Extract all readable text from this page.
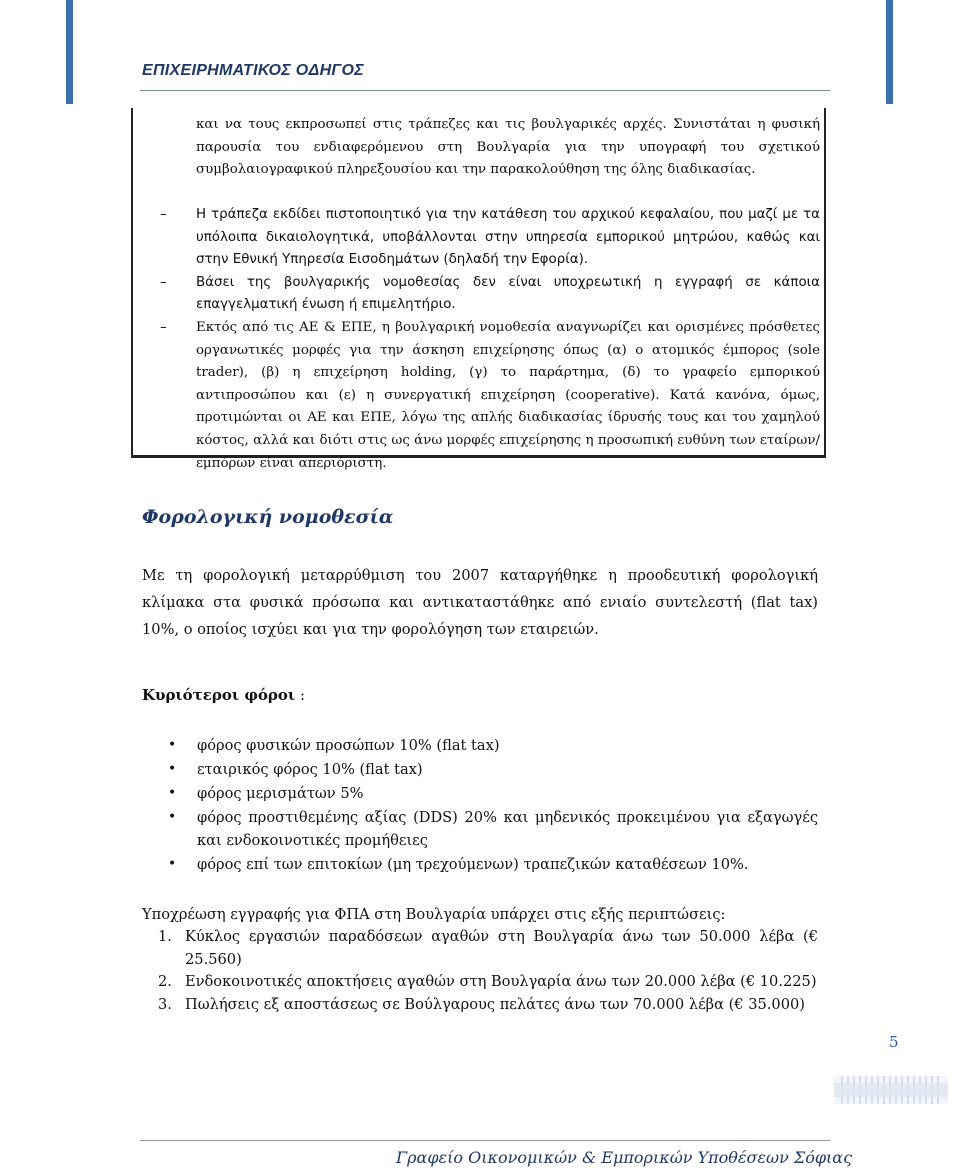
ΕΠΙΧΕΙΡΗΜΑΤΙΚΟΣ ΟΔΗΓΟΣ

και να τους εκπροσωπεί στις τράπεζες και τις βουλγαρικές αρχές. Συνιστάται η φυσική παρουσία του ενδιαφερόμενου στη Βουλγαρία για την υπογραφή του σχετικού συμβολαιογραφικού πληρεξουσίου και την παρακολούθηση της όλης διαδικασίας.

– Η τράπεζα εκδίδει πιστοποιητικό για την κατάθεση του αρχικού κεφαλαίου, που μαζί με τα υπόλοιπα δικαιολογητικά, υποβάλλονται στην υπηρεσία εμπορικού μητρώου, καθώς και στην Εθνική Υπηρεσία Εισοδημάτων (δηλαδή την Εφορία).

– Βάσει της βουλγαρικής νομοθεσίας δεν είναι υποχρεωτική η εγγραφή σε κάποια επαγγελματική ένωση ή επιμελητήριο.

– Εκτός από τις ΑΕ & ΕΠΕ, η βουλγαρική νομοθεσία αναγνωρίζει και ορισμένες πρόσθετες οργανωτικές μορφές για την άσκηση επιχείρησης όπως (α) ο ατομικός έμπορος (sole trader), (β) η επιχείρηση holding, (γ) το παράρτημα, (δ) το γραφείο εμπορικού αντιπροσώπου και (ε) η συνεργατική επιχείρηση (cooperative). Κατά κανόνα, όμως, προτιμώνται οι ΑΕ και ΕΠΕ, λόγω της απλής διαδικασίας ίδρυσής τους και του χαμηλού κόστος, αλλά και διότι στις ως άνω μορφές επιχείρησης η προσωπική ευθύνη των εταίρων/εμπόρων είναι απεριόριστη.

Φορολογική νομοθεσία
Με τη φορολογική μεταρρύθμιση του 2007 καταργήθηκε η προοδευτική φορολογική κλίμακα στα φυσικά πρόσωπα και αντικαταστάθηκε από ενιαίο συντελεστή (flat tax) 10%, ο οποίος ισχύει και για την φορολόγηση των εταιρειών.
Κυριότεροι φόροι :
• φόρος φυσικών προσώπων 10% (flat tax)
• εταιρικός φόρος 10% (flat tax)
• φόρος μερισμάτων 5%
• φόρος προστιθεμένης αξίας (DDS) 20% και μηδενικός προκειμένου για εξαγωγές και ενδοκοινοτικές προμήθειες
• φόρος επί των επιτοκίων (μη τρεχούμενων) τραπεζικών καταθέσεων 10%.
Υποχρέωση εγγραφής για ΦΠΑ στη Βουλγαρία υπάρχει στις εξής περιπτώσεις:
1. Κύκλος εργασιών παραδόσεων αγαθών στη Βουλγαρία άνω των 50.000 λέβα (€ 25.560)
2. Ενδοκοινοτικές αποκτήσεις αγαθών στη Βουλγαρία άνω των 20.000 λέβα (€ 10.225)
3. Πωλήσεις εξ αποστάσεως σε Βούλγαρους πελάτες άνω των 70.000 λέβα (€ 35.000)
5
Γραφείο Οικονομικών & Εμπορικών Υποθέσεων Σόφιας
